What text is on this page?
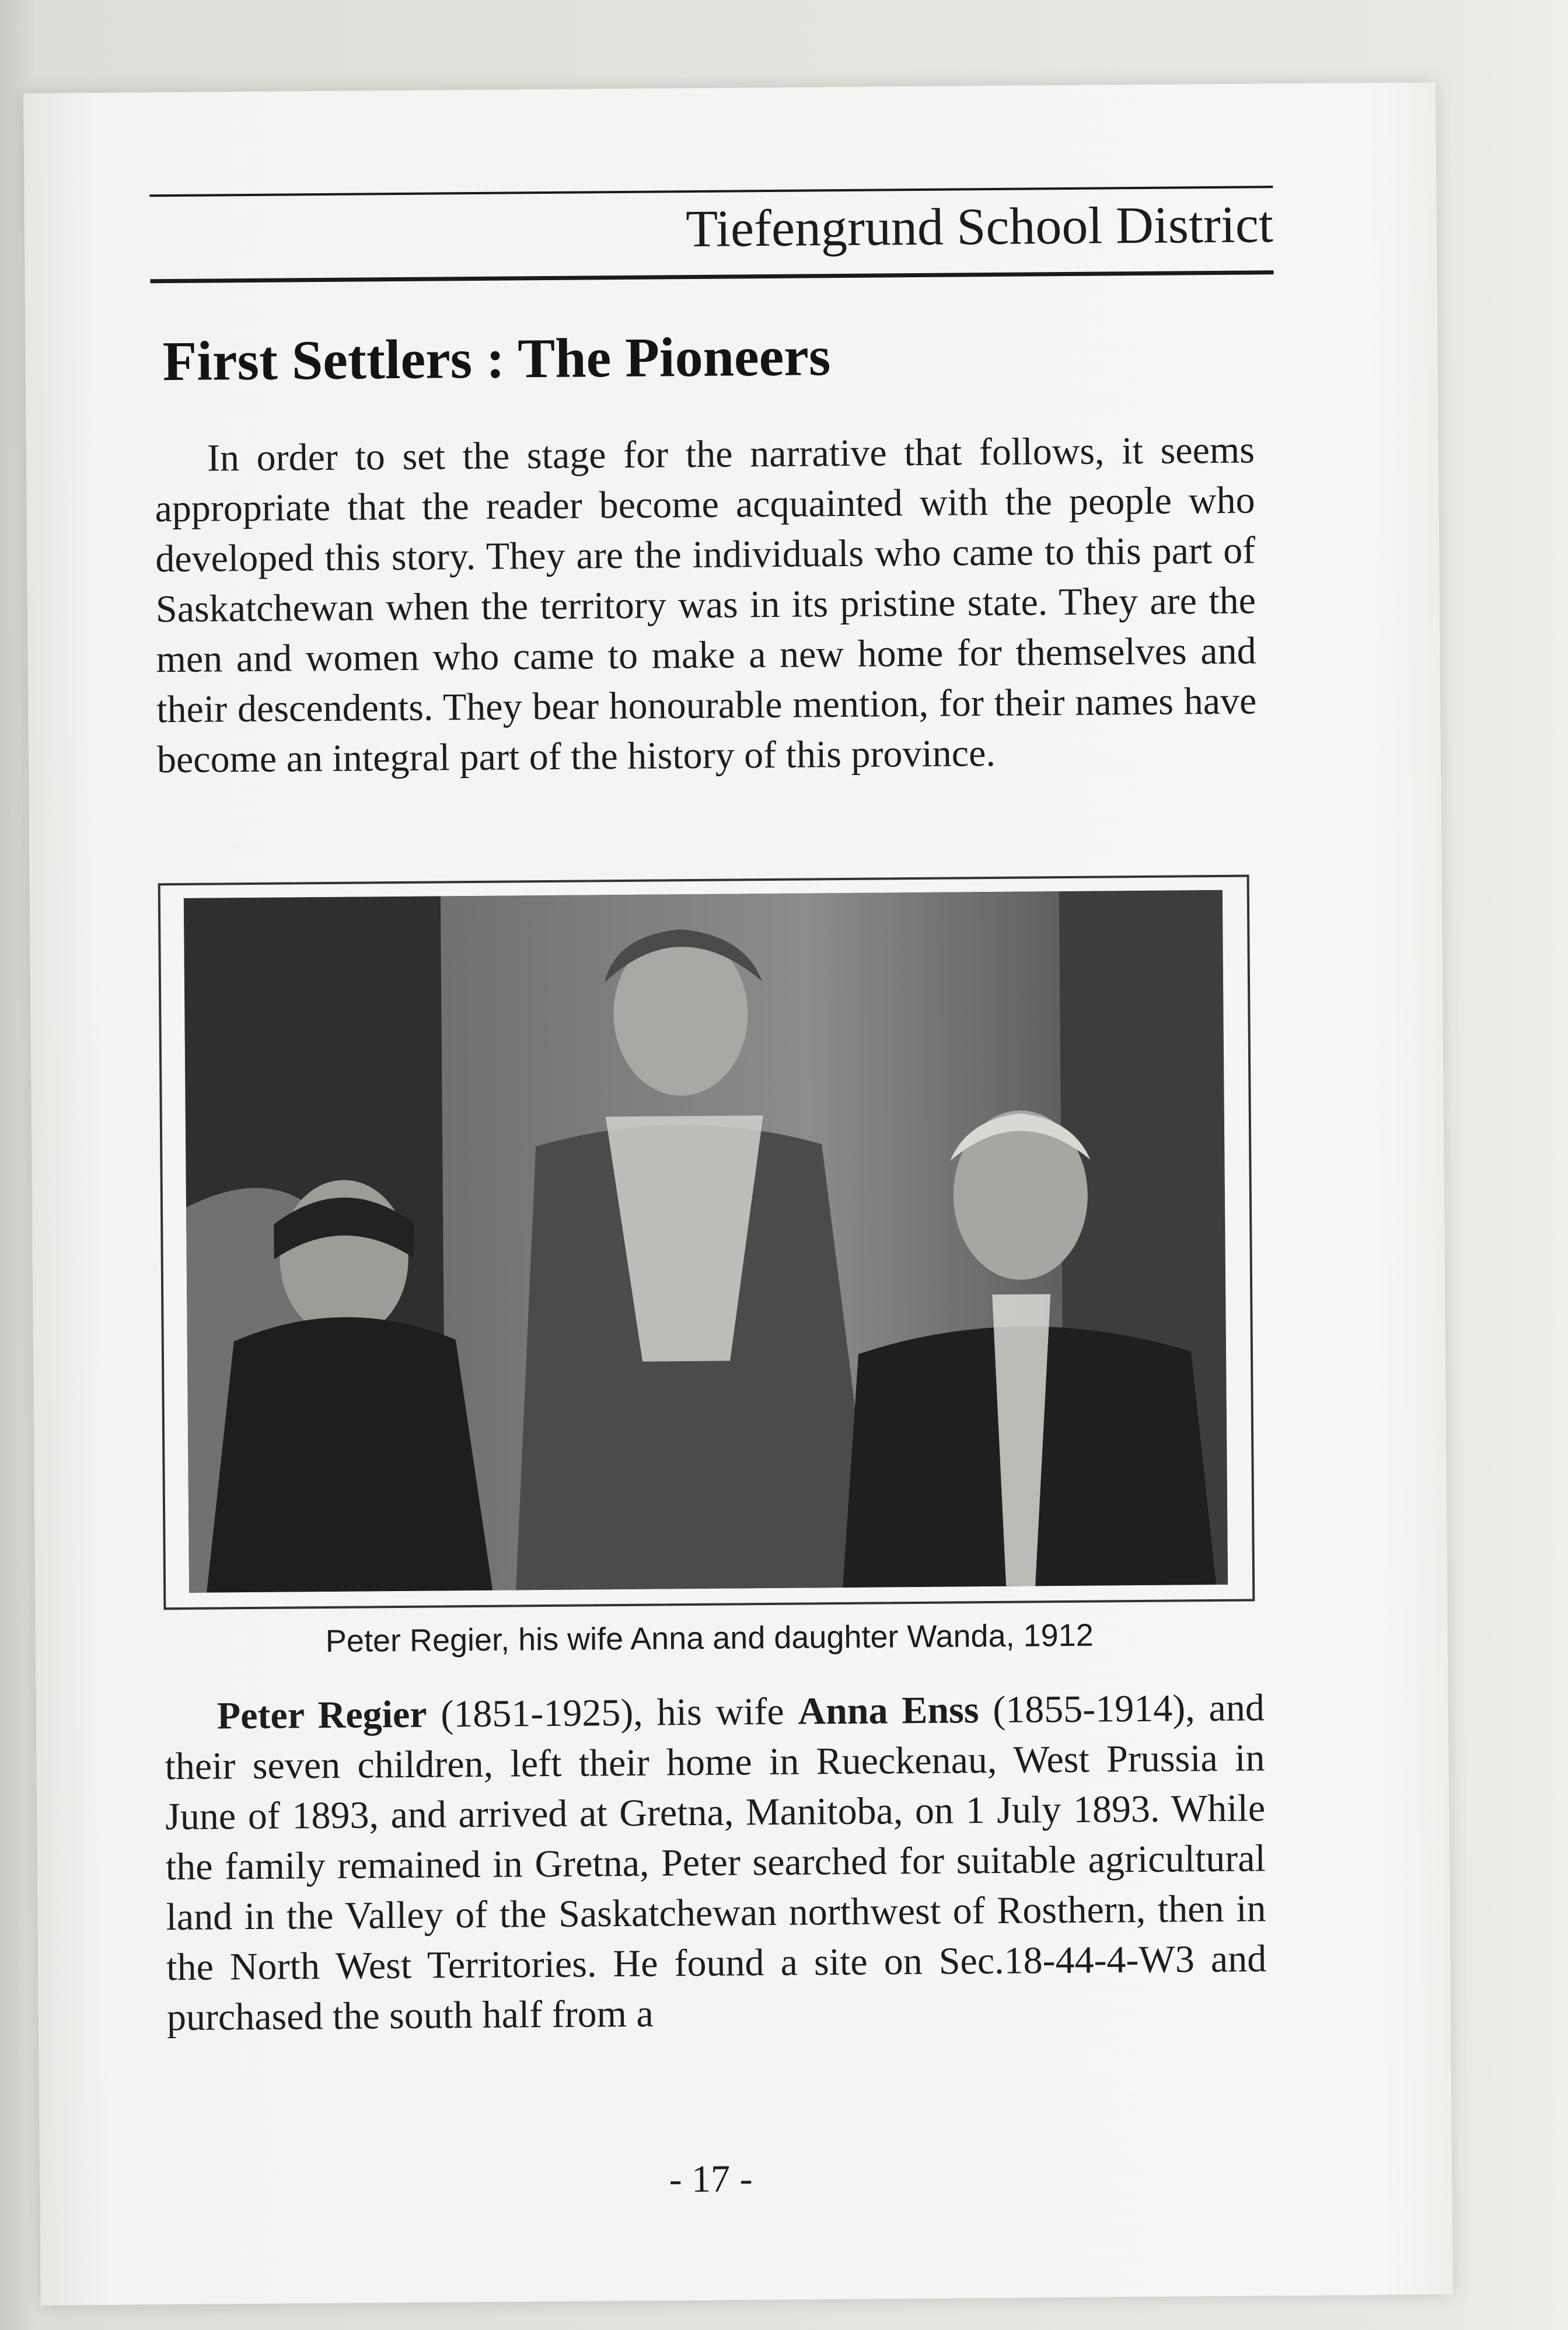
Tiefengrund School District
First Settlers : The Pioneers
In order to set the stage for the narrative that follows, it seems appropriate that the reader become acquainted with the people who developed this story. They are the individuals who came to this part of Saskatchewan when the territory was in its pristine state. They are the men and women who came to make a new home for themselves and their descendents. They bear honourable mention, for their names have become an integral part of the history of this province.
Peter Regier, his wife Anna and daughter Wanda, 1912
Peter Regier (1851-1925), his wife Anna Enss (1855-1914), and their seven children, left their home in Rueckenau, West Prussia in June of 1893, and arrived at Gretna, Manitoba, on 1 July 1893. While the family remained in Gretna, Peter searched for suitable agricultural land in the Valley of the Saskatchewan northwest of Rosthern, then in the North West Territories. He found a site on Sec.18-44-4-W3 and purchased the south half from a
- 17 -
